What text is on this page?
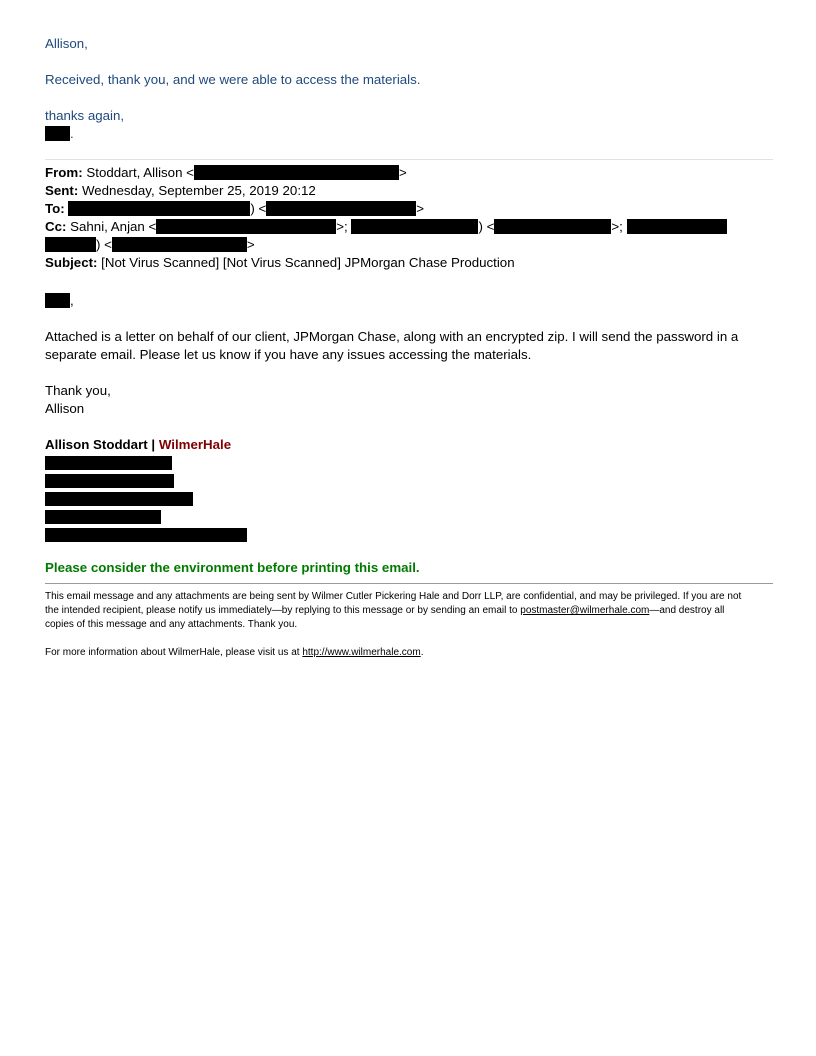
Allison,
Received, thank you, and we were able to access the materials.
thanks again,
.
From: Stoddart, Allison <	>
Sent: Wednesday, September 25, 2019 20:12
To:	) <	>
Cc: Sahni, Anjan <	>;	) <	>;
) <	>
Subject: [Not Virus Scanned] [Not Virus Scanned] JPMorgan Chase Production
,
Attached is a letter on behalf of our client, JPMorgan Chase, along with an encrypted zip. I will send the password in a
separate email. Please let us know if you have any issues accessing the materials.
Thank you,
Allison
Allison Stoddart | WilmerHale
Please consider the environment before printing this email.
This email message and any attachments are being sent by Wilmer Cutler Pickering Hale and Dorr LLP, are confidential, and may be privileged. If you are not
the intended recipient, please notify us immediately—by replying to this message or by sending an email to postmaster@wilmerhale.com—and destroy all
copies of this message and any attachments. Thank you.
For more information about WilmerHale, please visit us at http://www.wilmerhale.com.
